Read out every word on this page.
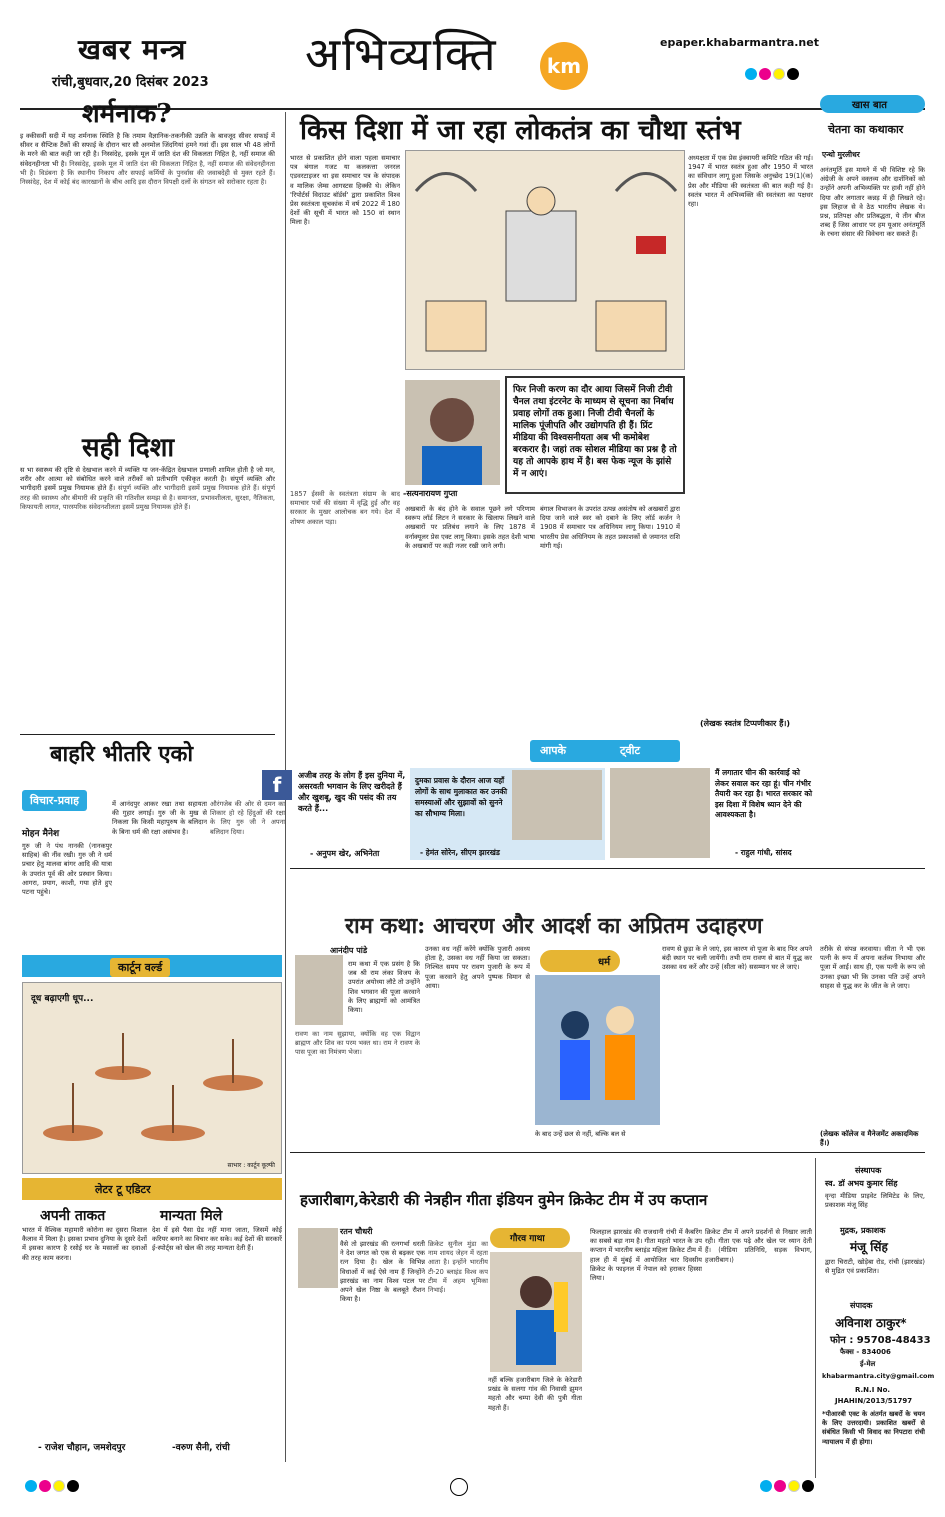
खबर मन्त्र
रांची,बुधवार,20 दिसंबर 2023
अभिव्यक्ति	km
epaper.khabarmantra.net
शर्मनाक?
इ क्कीसवीं सदी में यह शर्मनाक स्थिति है कि तमाम वैज्ञानिक-तकनीकी उन्नति के बावजूद सीवर सफाई में सीवर व सैप्टिक टैंकों की सफाई के दौरान चार सौ अनमोल जिंदगियां हमने गवां दीं। इस साल भी 48 लोगों के मरने की बात कही जा रही है। निस्संदेह, इसके मूल में जाति दंश की विकलता निहित है, नहीं समाज की संवेदनहीनता भी है। निस्संदेह, इसके मूल में जाति दंश की विकलता निहित है, नहीं समाज की संवेदनहीनता भी है। विडंबना है कि स्थानीय निकाय और सफाई कर्मियों के पुनर्वास की जवाबदेही से मुक्त रहते हैं। निस्संदेह, देश में कोई बंद कारखानों के बीच आदि इस दौरान विपक्षी दलों के संगठन को सरोकार रहता है।
सही दिशा
स भा स्वास्थ्य की दृष्टि से देखभाल करने में व्यक्ति या जन-केंद्रित देखभाल प्रणाली शामिल होती है जो मन, शरीर और आत्मा को संबोधित करने वाले तरीकों को प्रतीभागि एकीकृत करती है। संपूर्ण व्यक्ति और भागीदारी इसमें प्रमुख नियामक होते हैं। संपूर्ण व्यक्ति और भागीदारी इसमें प्रमुख नियामक होते हैं। संपूर्ण तरह की स्वास्थ्य और बीमारी की प्रकृति की गतिशील समझ से है। समानता, प्रभावशीलता, सुरक्षा, नैतिकता, किफायती लागत, पारस्परिक संवेदनशीलता इसमें प्रमुख नियामक होते हैं।
बाहरि भीतरि एको
विचार-प्रवाह
मोहन मैनेश
गुरु जी ने पंथ नानकी (नानकपुर साहिब) की नींव रखी। गुरु जी ने धर्म प्रचार हेतु मालवा बांगर आदि की यात्रा के उपरांत पूर्व की ओर प्रस्थान किया। आगरा, प्रयाग, काशी, गया होते हुए पटना पहुंचे।
में आनंदपुर आकर रखा तथा सहायता की गुहार लगाई। गुरु जी के मुख से निकला कि किसी महापुरुष के बलिदान के बिना धर्म की रक्षा असंभव है।
औरंगजेब की ओर से दमन का शिकार हो रहे हिंदुओं की रक्षा के लिए गुरु जी ने अपना बलिदान दिया।
कार्टून वर्ल्ड
दूध बढ़ाएगी धूप...
साभार : कार्टून कूल्फी
लेटर टू एडिटर
अपनी ताकत
भारत में वैश्विक महामारी कोरोना का दूसरा विशाल कैलाव में मिला है। इसका प्रभाव दुनिया के दूसरे देशों में इसका कारण है रसोई घर के मसालों का दवाओं की तरह काम करना।
- राजेश चौहान, जमशेदपुर
मान्यता मिले
देश में इसे पैसा ग्रेड नहीं माना जाता, जिसमें कोई करियर बनाने का विचार कर सके। कई देशों की सरकारें ई-स्पोर्ट्स को खेल की तरह मान्यता देती हैं।
-वरुण सैनी, रांची
किस दिशा में जा रहा लोकतंत्र का चौथा स्तंभ
भारत से प्रकाशित होने वाला पहला समाचार पत्र बंगाल गजट या कलकत्ता जनरल एडवरटाइजर था इस समाचार पत्र के संपादक व मालिक जेम्स आगस्टस हिक्की थे। लेकिन 'रिपोर्टर्स विदाउट बॉर्डर्स' द्वारा प्रकाशित विश्व प्रेस स्वतंत्रता सूचकांक में वर्ष 2022 में 180 देशों की सूची में भारत को 150 वां स्थान मिला है।
-सत्यनारायण गुप्ता
फिर निजी करण का दौर आया जिसमें निजी टीवी चैनल तथा इंटरनेट के माध्यम से सूचना का निर्बाध प्रवाह लोगों तक हुआ। निजी टीवी चैनलों के मालिक पूंजीपति और उद्योगपति ही हैं। प्रिंट मीडिया की विश्वसनीयता अब भी कमोबेश बरकरार है। जहां तक सोशल मीडिया का प्रश्न है तो यह तो आपके हाथ में है। बस फेक न्यूज के झांसे में न आएं।
अखबारों के बंद होने के सवाल पूछने लगे परिणाम स्वरूप लॉर्ड लिटन ने सरकार के खिलाफ लिखने वाले अखबारों पर प्रतिबंध लगाने के लिए 1878 में वर्नाक्यूलर प्रेस एक्ट लागू किया। इसके तहत देशी भाषा के अखबारों पर कड़ी नजर रखी जाने लगी।
बंगाल विभाजन के उपरांत उत्पन्न असंतोष को अखबारों द्वारा दिया जाने वाले स्वर को दबाने के लिए लॉर्ड कर्जन ने 1908 में समाचार पत्र अधिनियम लागू किया। 1910 में भारतीय प्रेस अधिनियम के तहत प्रकाशकों से जमानत राशि मांगी गई।
1857 ईसवी के स्वतंत्रता संग्राम के बाद समाचार पत्रों की संख्या में वृद्धि हुई और वह सरकार के मुखर आलोचक बन गये। देश में शोषण अकाल पड़ा।
अध्यक्षता में एक प्रेस इंक्वायरी कमिटि गठित की गई। 1947 में भारत स्वतंत्र हुआ और 1950 में भारत का संविधान लागू हुआ जिसके अनुच्छेद 19(1)(क) प्रेस और मीडिया की स्वतंत्रता की बात कही गई है। स्वतंत्र भारत में अभिव्यक्ति की स्वतंत्रता का पक्षधर रहा।
(लेखक स्वतंत्र टिप्पणीकार हैं।)
आपके	ट्वीट
f	अजीब तरह के लोग हैं इस दुनिया में, असरवती भगवान के लिए खरीदते हैं और खुशबू, खुद की पसंद की तय करते हैं...
- अनुपम खेर, अभिनेता
दुमका प्रवास के दौरान आज यहाँ लोगों के साथ मुलाकात कर उनकी समस्याओं और सुझावों को सुनने का सौभाग्य मिला।
- हेमंत सोरेन, सीएम झारखंड
मैं लगातार चीन की कार्रवाई को लेकर सवाल कर रहा हूं। चीन गंभीर तैयारी कर रहा है। भारत सरकार को इस दिशा में विशेष ध्यान देने की आवश्यकता है।
- राहुल गांधी, सांसद
खास बात
चेतना का कथाकार
एन्थो मुरलीधर
अनंतमूर्ति इस मायने में भी विशिष्ट रहे कि अंग्रेजी के अपने वक्तव्य और दार्शनिकों को उन्होंने अपनी अभिव्यक्ति पर हावी नहीं होने दिया और लगातार कन्नड़ में ही लिखते रहे। इस लिहाज से वे ठेठ भारतीय लेखक थे। प्रश्न, प्रतिपक्ष और प्रतिबद्धता, ये तीन बीज शब्द हैं जिस आधार पर हम यूआर अनंतमूर्ति के रचना संसार की विवेचना कर सकते हैं।
राम कथा: आचरण और आदर्श का अप्रितम उदाहरण
आनंदीप पांडे
राम कथा में एक प्रसंग है कि जब श्री राम लंका विजय के उपरांत अयोध्या लौटे तो उन्होंने शिव भगवान की पूजा करवाने के लिए ब्राह्मणों को आमंत्रित किया।
रावण का नाम सुझाया, क्योंकि वह एक विद्वान ब्राह्मण और शिव का परम भक्त था। राम ने रावण के पास पूजा का निमंत्रण भेजा।
उनका वध नहीं करेंगे क्योंकि पुजारी अवध्य होता है, उसका वध नहीं किया जा सकता। निश्चित समय पर रावण पुजारी के रूप में पूजा करवाने हेतु अपने पुष्पक विमान से आया।
धर्म
के बाद उन्हें छल से नहीं, बल्कि बल से
रावण से छुड़ा के ले जाएं, इस कारण वो पूजा के बाद फिर अपने बंदी स्थान पर चली जायेंगी। तभी राम रावण से बात में युद्ध कर उसका वध करें और उन्हें (सीता को) ससम्मान घर ले जाएं।
तरीके से संपन्न करवाया। सीता ने भी एक पत्नी के रूप में अपना कर्तव्य निभाया और पूजा में आईं। साथ ही, एक पत्नी के रूप जो उनका इच्छा भी कि उनका पति उन्हें अपने साहस से युद्ध कर के जीत के ले जाए।
(लेखक कॉलेज व मैनेजमेंट अकादमिक हैं।)
हजारीबाग,केरेडारी की नेत्रहीन गीता इंडियन वुमेन क्रिकेट टीम में उप कप्तान
रतन चौधरी
वैसे तो झारखंड की रत्नगर्भा धरती ने देश जगत को एक से बढ़कर एक रत्न दिया है। खेल के विभिन्न विधाओं में कई ऐसे नाम हैं जिन्होंने झारखंड का नाम विश्व पटल पर अपने खेल निष्ठा के बलबूते रौशन किया है।
क्रिकेट सुनील मुंडा का नाम शायद जेहन में रहता आता है। इन्होंने भारतीय टी-20 ब्लाइंड विश्व कप टीम में अहम भूमिका निभाई।
गौरव गाथा
नहीं बल्कि हजारीबाग जिले के केरेडारी प्रखंड के सलगा गांव की निवासी झुमन महतो और चम्पा देवी की पुत्री गीता महतो हैं।
फिलहाल झारखंड की राजधानी रांची में कैबरिंग का सबसे बड़ा नाम है। गीता महतो भारत के उप कप्तान में भारतीय ब्लाइंड महिला क्रिकेट टीम में हाल ही में मुंबई में आयोजित चार दिवसीय क्रिकेट के फाइनल में नेपाल को हराकर हिस्सा लिया।
क्रिकेट टीम में अपने प्रदर्शनों से निखार लाती रही। गीता एक पढ़े और खेल पर ध्यान देती हैं। (मीडिया प्रतिनिधि, सड़क विभाग, हजारीबाग।)
संस्थापक
स्व. डॉ अभय कुमार सिंह
वृन्दा मीडिया प्राइवेट लिमिटेड के लिए, प्रकाशक मंजू सिंह
मुद्रक, प्रकाशक
मंजू सिंह
द्वारा चिराटी, खोड़ेबा रोड, रांची (झारखंड) से मुद्रित एवं प्रकाशित।
संपादक
अविनाश ठाकुर*
फोन : 95708-48433
फैक्स - 834006
ई-मेल
khabarmantra.city@gmail.com
R.N.I No.
JHAHIN/2013/51797
*पीआरबी एक्ट के अंतर्गत खबरों के चयन के लिए उत्तरदायी। प्रकाशित खबरों से संबंधित किसी भी विवाद का निपटारा रांची न्यायालय में ही होगा।
